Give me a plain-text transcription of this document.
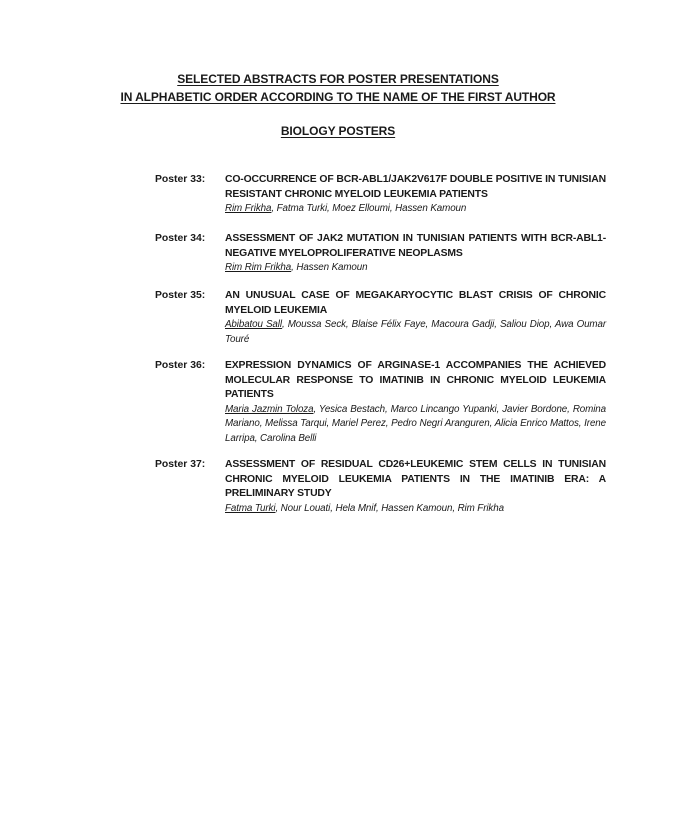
SELECTED ABSTRACTS FOR POSTER PRESENTATIONS
IN ALPHABETIC ORDER ACCORDING TO THE NAME OF THE FIRST AUTHOR
BIOLOGY POSTERS
Poster 33:	CO-OCCURRENCE OF BCR-ABL1/JAK2V617F DOUBLE POSITIVE IN TUNISIAN RESISTANT CHRONIC MYELOID LEUKEMIA PATIENTS
Rim Frikha, Fatma Turki, Moez Elloumi, Hassen Kamoun
Poster 34:	ASSESSMENT OF JAK2 MUTATION IN TUNISIAN PATIENTS WITH BCR-ABL1-NEGATIVE MYELOPROLIFERATIVE NEOPLASMS
Rim Rim Frikha, Hassen Kamoun
Poster 35:	AN UNUSUAL CASE OF MEGAKARYOCYTIC BLAST CRISIS OF CHRONIC MYELOID LEUKEMIA
Abibatou Sall, Moussa Seck, Blaise Félix Faye, Macoura Gadji, Saliou Diop, Awa Oumar Touré
Poster 36:	EXPRESSION DYNAMICS OF ARGINASE-1 ACCOMPANIES THE ACHIEVED MOLECULAR RESPONSE TO IMATINIB IN CHRONIC MYELOID LEUKEMIA PATIENTS
Maria Jazmin Toloza, Yesica Bestach, Marco Lincango Yupanki, Javier Bordone, Romina Mariano, Melissa Tarqui, Mariel Perez, Pedro Negri Aranguren, Alicia Enrico Mattos, Irene Larripa, Carolina Belli
Poster 37:	ASSESSMENT OF RESIDUAL CD26+LEUKEMIC STEM CELLS IN TUNISIAN CHRONIC MYELOID LEUKEMIA PATIENTS IN THE IMATINIB ERA: A PRELIMINARY STUDY
Fatma Turki, Nour Louati, Hela Mnif, Hassen Kamoun, Rim Frikha
